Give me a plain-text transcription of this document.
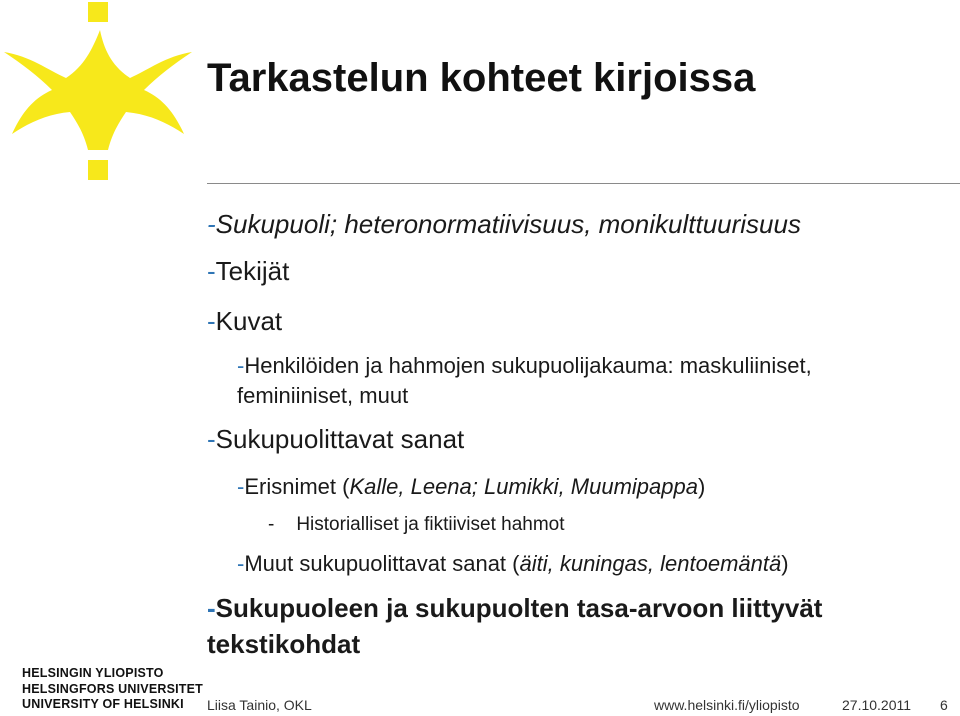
Tarkastelun kohteet kirjoissa
-Sukupuoli; heteronormatiivisuus, monikulttuurisuus
-Tekijät
-Kuvat
-Henkilöiden ja hahmojen sukupuolijakauma: maskuliiniset,
feminiiniset, muut
-Sukupuolittavat sanat
-Erisnimet (Kalle, Leena; Lumikki, Muumipappa)
- Historialliset ja fiktiiviset hahmot
-Muut sukupuolittavat sanat (äiti, kuningas, lentoemäntä)
-Sukupuoleen ja sukupuolten tasa-arvoon liittyvät
tekstikohdat
HELSINGIN YLIOPISTO
HELSINGFORS UNIVERSITET
UNIVERSITY OF HELSINKI	Liisa Tainio, OKL	www.helsinki.fi/yliopisto	27.10.2011 6
